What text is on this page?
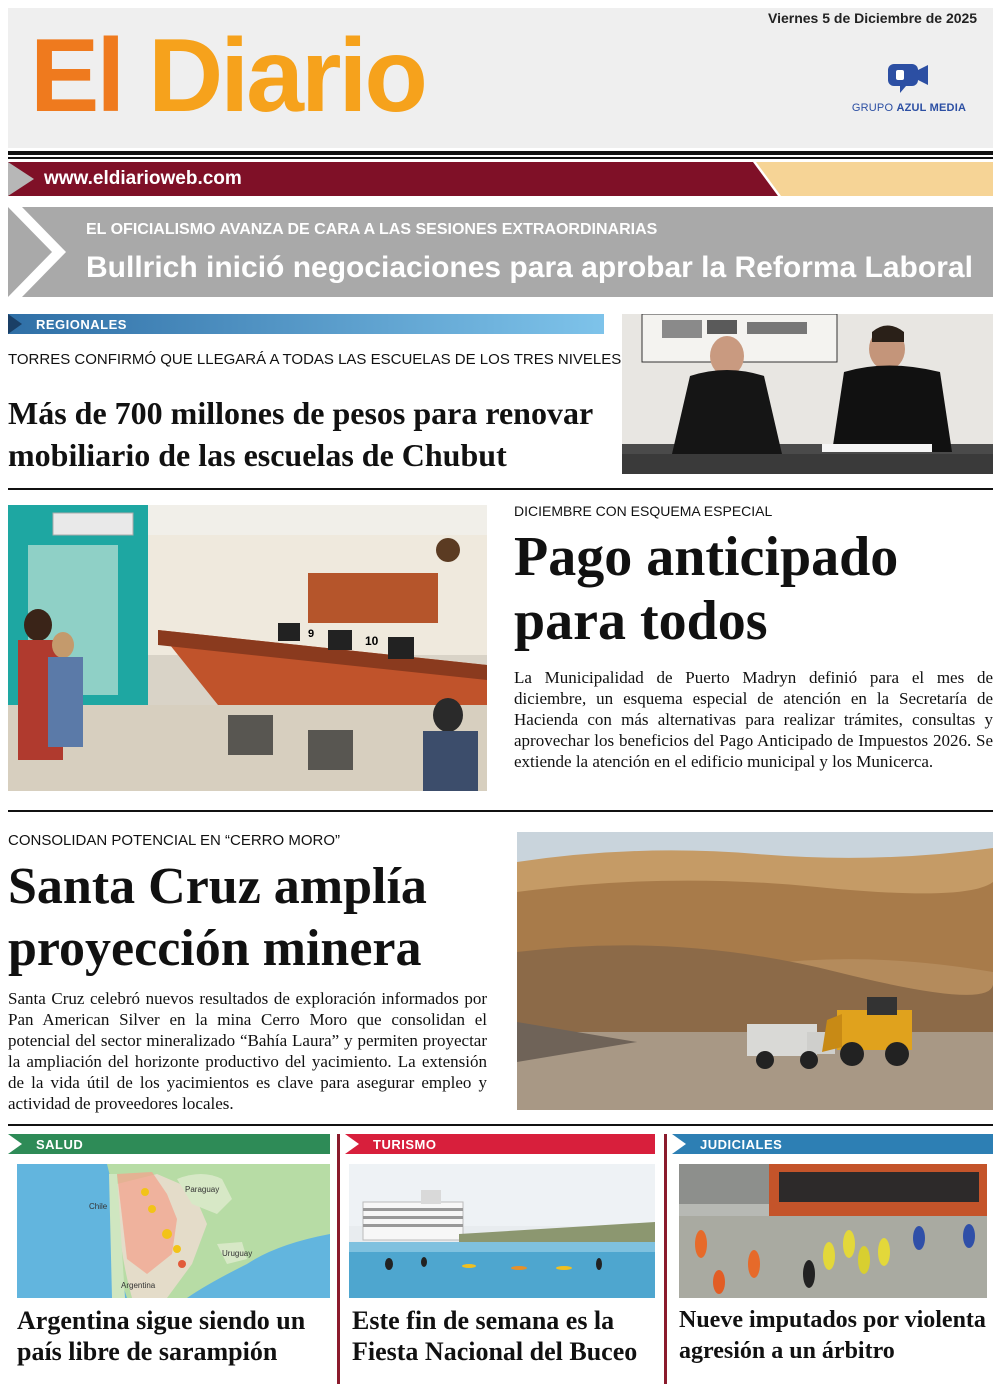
El Diario	GRUPO AZUL MEDIA
www.eldiarioweb.com
Viernes 5 de Diciembre de 2025
EL OFICIALISMO AVANZA DE CARA A LAS SESIONES EXTRAORDINARIAS
Bullrich inició negociaciones para aprobar la Reforma Laboral
REGIONALES
TORRES CONFIRMÓ QUE LLEGARÁ A TODAS LAS ESCUELAS DE LOS TRES NIVELES
Más de 700 millones de pesos para renovar
mobiliario de las escuelas de Chubut
10
9
DICIEMBRE CON ESQUEMA ESPECIAL
Pago anticipado
para todos
La Municipalidad de Puerto Madryn definió para el mes de diciembre, un esquema especial de atención en la Secretaría de Hacienda con más alternativas para realizar trámites, consultas y aprovechar los beneficios del Pago Anticipado de Impuestos 2026. Se extiende la atención en el edificio municipal y los Municerca.
CONSOLIDAN POTENCIAL EN “CERRO MORO”
Santa Cruz amplía
proyección minera
Santa Cruz celebró nuevos resultados de exploración informados por Pan American Silver en la mina Cerro Moro que consolidan el potencial del sector mineralizado “Bahía Laura” y permiten proyectar la ampliación del horizonte productivo del yacimiento. La extensión de la vida útil de los yacimientos es clave para asegurar empleo y actividad de proveedores locales.
SALUD
Paraguay
Chile
Uruguay
Argentina
Argentina sigue siendo un
país libre de sarampión
TURISMO
Este fin de semana es la
Fiesta Nacional del Buceo
JUDICIALES
Nueve imputados por violenta
agresión a un árbitro
